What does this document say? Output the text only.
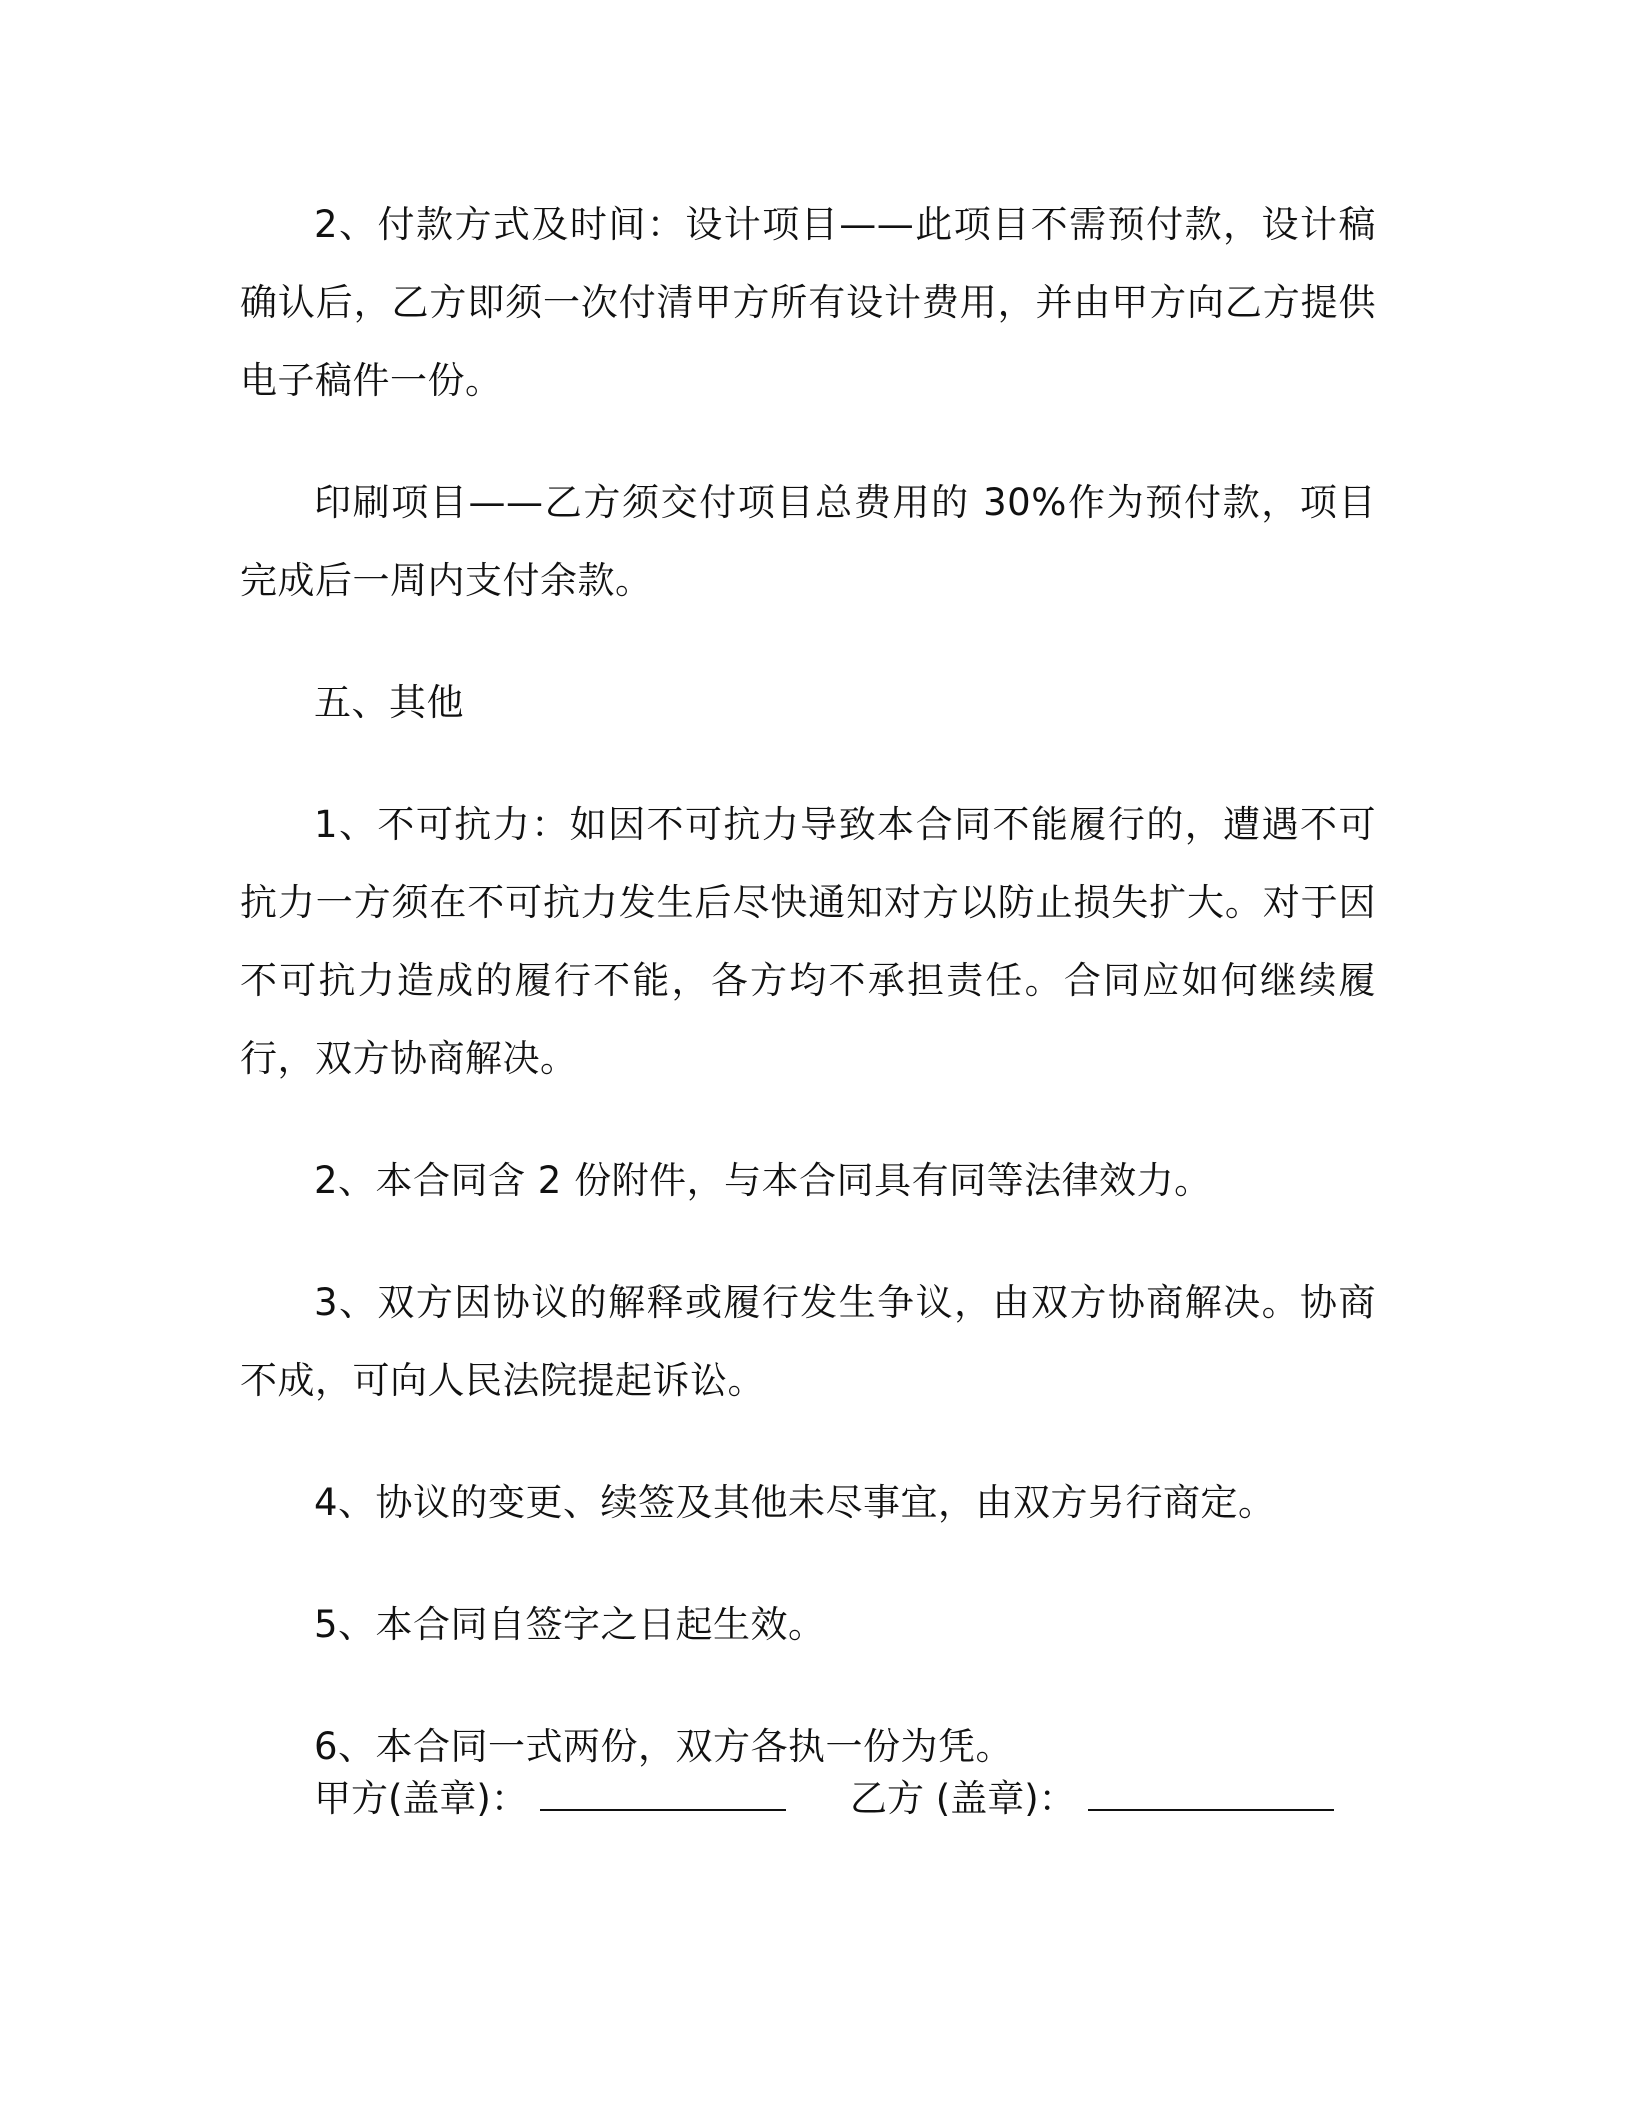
2、付款方式及时间：设计项目——此项目不需预付款，设计稿确认后，乙方即须一次付清甲方所有设计费用，并由甲方向乙方提供电子稿件一份。

印刷项目——乙方须交付项目总费用的 30%作为预付款，项目完成后一周内支付余款。

五、其他

1、不可抗力：如因不可抗力导致本合同不能履行的，遭遇不可抗力一方须在不可抗力发生后尽快通知对方以防止损失扩大。对于因不可抗力造成的履行不能，各方均不承担责任。合同应如何继续履行，双方协商解决。

2、本合同含 2 份附件，与本合同具有同等法律效力。

3、双方因协议的解释或履行发生争议，由双方协商解决。协商不成，可向人民法院提起诉讼。

4、协议的变更、续签及其他未尽事宜，由双方另行商定。

5、本合同自签字之日起生效。

6、本合同一式两份，双方各执一份为凭。

甲方(盖章)：	乙方 (盖章)：
